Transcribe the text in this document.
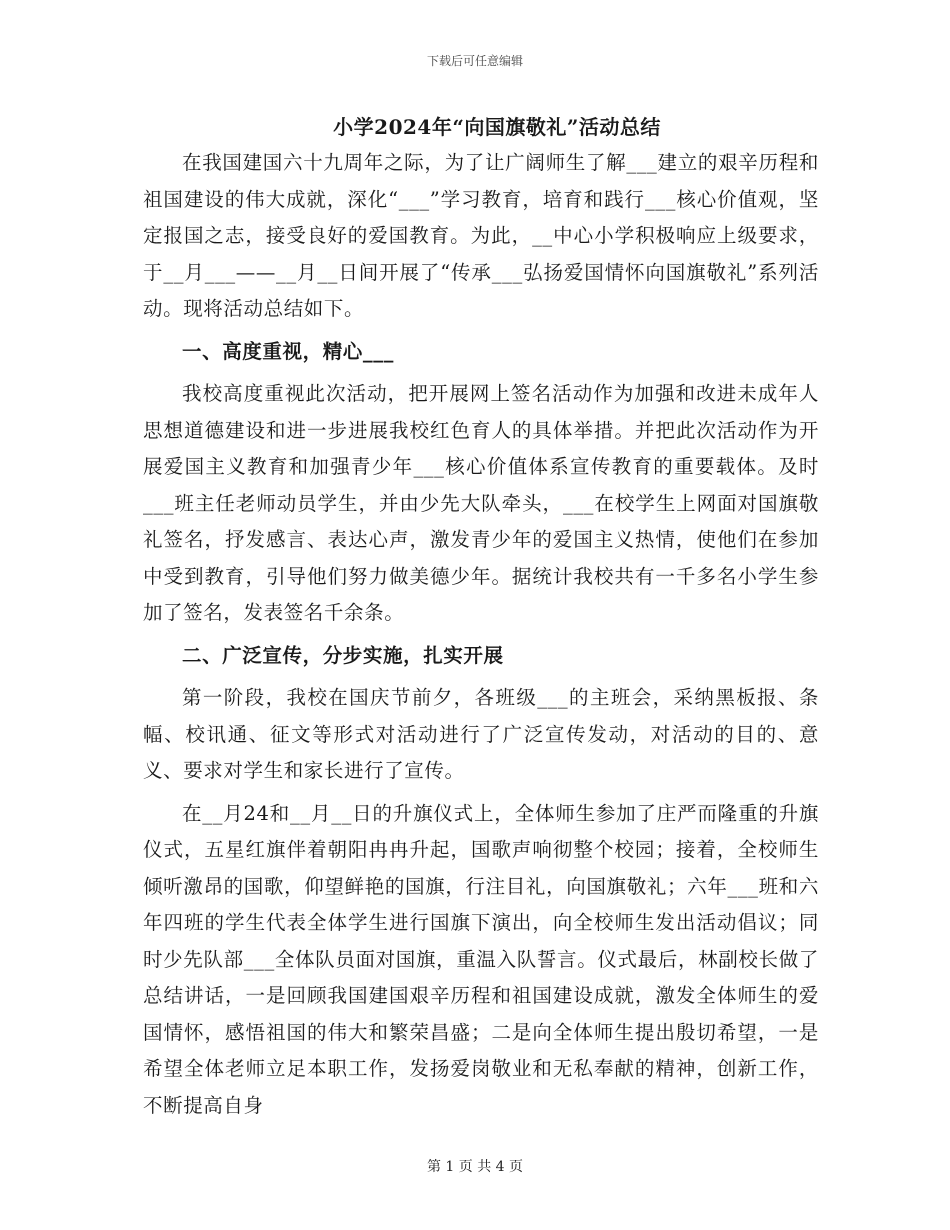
下载后可任意编辑
小学2024年“向国旗敬礼”活动总结

在我国建国六十九周年之际，为了让广阔师生了解___建立的艰辛历程和祖国建设的伟大成就，深化“___”学习教育，培育和践行___核心价值观，坚定报国之志，接受良好的爱国教育。为此，__中心小学积极响应上级要求，于__月___——__月__日间开展了“传承___弘扬爱国情怀向国旗敬礼”系列活动。现将活动总结如下。

一、高度重视，精心___

我校高度重视此次活动，把开展网上签名活动作为加强和改进未成年人思想道德建设和进一步进展我校红色育人的具体举措。并把此次活动作为开展爱国主义教育和加强青少年___核心价值体系宣传教育的重要载体。及时___班主任老师动员学生，并由少先大队牵头，___在校学生上网面对国旗敬礼签名，抒发感言、表达心声，激发青少年的爱国主义热情，使他们在参加中受到教育，引导他们努力做美德少年。据统计我校共有一千多名小学生参加了签名，发表签名千余条。

二、广泛宣传，分步实施，扎实开展

第一阶段，我校在国庆节前夕，各班级___的主班会，采纳黑板报、条幅、校讯通、征文等形式对活动进行了广泛宣传发动，对活动的目的、意义、要求对学生和家长进行了宣传。

在__月24和__月__日的升旗仪式上，全体师生参加了庄严而隆重的升旗仪式，五星红旗伴着朝阳冉冉升起，国歌声响彻整个校园；接着，全校师生倾听激昂的国歌，仰望鲜艳的国旗，行注目礼，向国旗敬礼；六年___班和六年四班的学生代表全体学生进行国旗下演出，向全校师生发出活动倡议；同时少先队部___全体队员面对国旗，重温入队誓言。仪式最后，林副校长做了总结讲话，一是回顾我国建国艰辛历程和祖国建设成就，激发全体师生的爱国情怀，感悟祖国的伟大和繁荣昌盛；二是向全体师生提出殷切希望，一是希望全体老师立足本职工作，发扬爱岗敬业和无私奉献的精神，创新工作，不断提高自身

第 1 页 共 4 页
